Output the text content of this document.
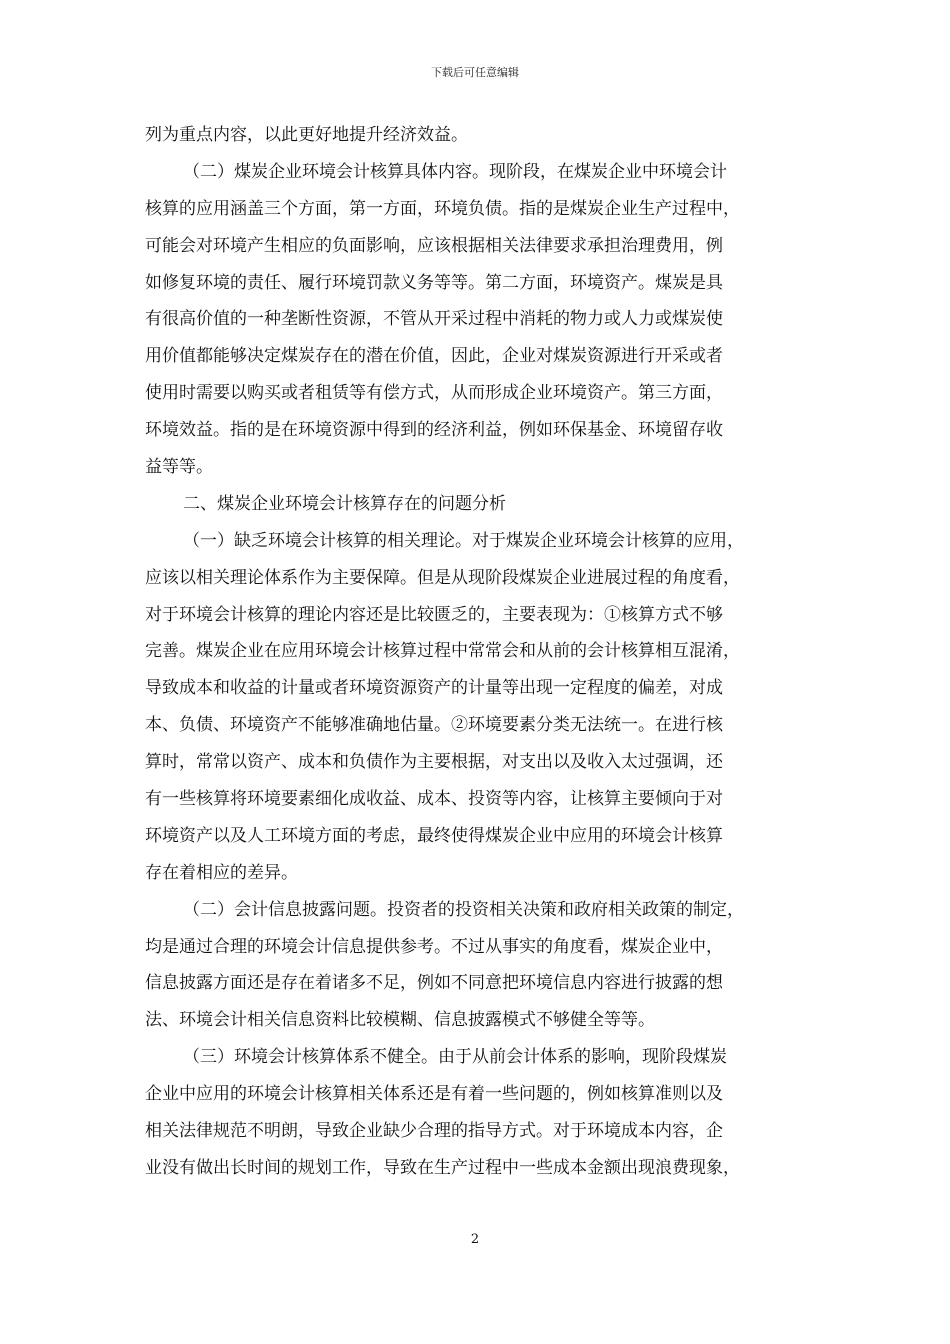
下载后可任意编辑
列为重点内容，以此更好地提升经济效益。
（二）煤炭企业环境会计核算具体内容。现阶段，在煤炭企业中环境会计
核算的应用涵盖三个方面，第一方面，环境负债。指的是煤炭企业生产过程中，
可能会对环境产生相应的负面影响，应该根据相关法律要求承担治理费用，例
如修复环境的责任、履行环境罚款义务等等。第二方面，环境资产。煤炭是具
有很高价值的一种垄断性资源，不管从开采过程中消耗的物力或人力或煤炭使
用价值都能够决定煤炭存在的潜在价值，因此，企业对煤炭资源进行开采或者
使用时需要以购买或者租赁等有偿方式，从而形成企业环境资产。第三方面，
环境效益。指的是在环境资源中得到的经济利益，例如环保基金、环境留存收
益等等。
二、煤炭企业环境会计核算存在的问题分析
（一）缺乏环境会计核算的相关理论。对于煤炭企业环境会计核算的应用，
应该以相关理论体系作为主要保障。但是从现阶段煤炭企业进展过程的角度看，
对于环境会计核算的理论内容还是比较匮乏的，主要表现为：①核算方式不够
完善。煤炭企业在应用环境会计核算过程中常常会和从前的会计核算相互混淆，
导致成本和收益的计量或者环境资源资产的计量等出现一定程度的偏差，对成
本、负债、环境资产不能够准确地估量。②环境要素分类无法统一。在进行核
算时，常常以资产、成本和负债作为主要根据，对支出以及收入太过强调，还
有一些核算将环境要素细化成收益、成本、投资等内容，让核算主要倾向于对
环境资产以及人工环境方面的考虑，最终使得煤炭企业中应用的环境会计核算
存在着相应的差异。
（二）会计信息披露问题。投资者的投资相关决策和政府相关政策的制定，
均是通过合理的环境会计信息提供参考。不过从事实的角度看，煤炭企业中，
信息披露方面还是存在着诸多不足，例如不同意把环境信息内容进行披露的想
法、环境会计相关信息资料比较模糊、信息披露模式不够健全等等。
（三）环境会计核算体系不健全。由于从前会计体系的影响，现阶段煤炭
企业中应用的环境会计核算相关体系还是有着一些问题的，例如核算准则以及
相关法律规范不明朗，导致企业缺少合理的指导方式。对于环境成本内容，企
业没有做出长时间的规划工作，导致在生产过程中一些成本金额出现浪费现象，
2
